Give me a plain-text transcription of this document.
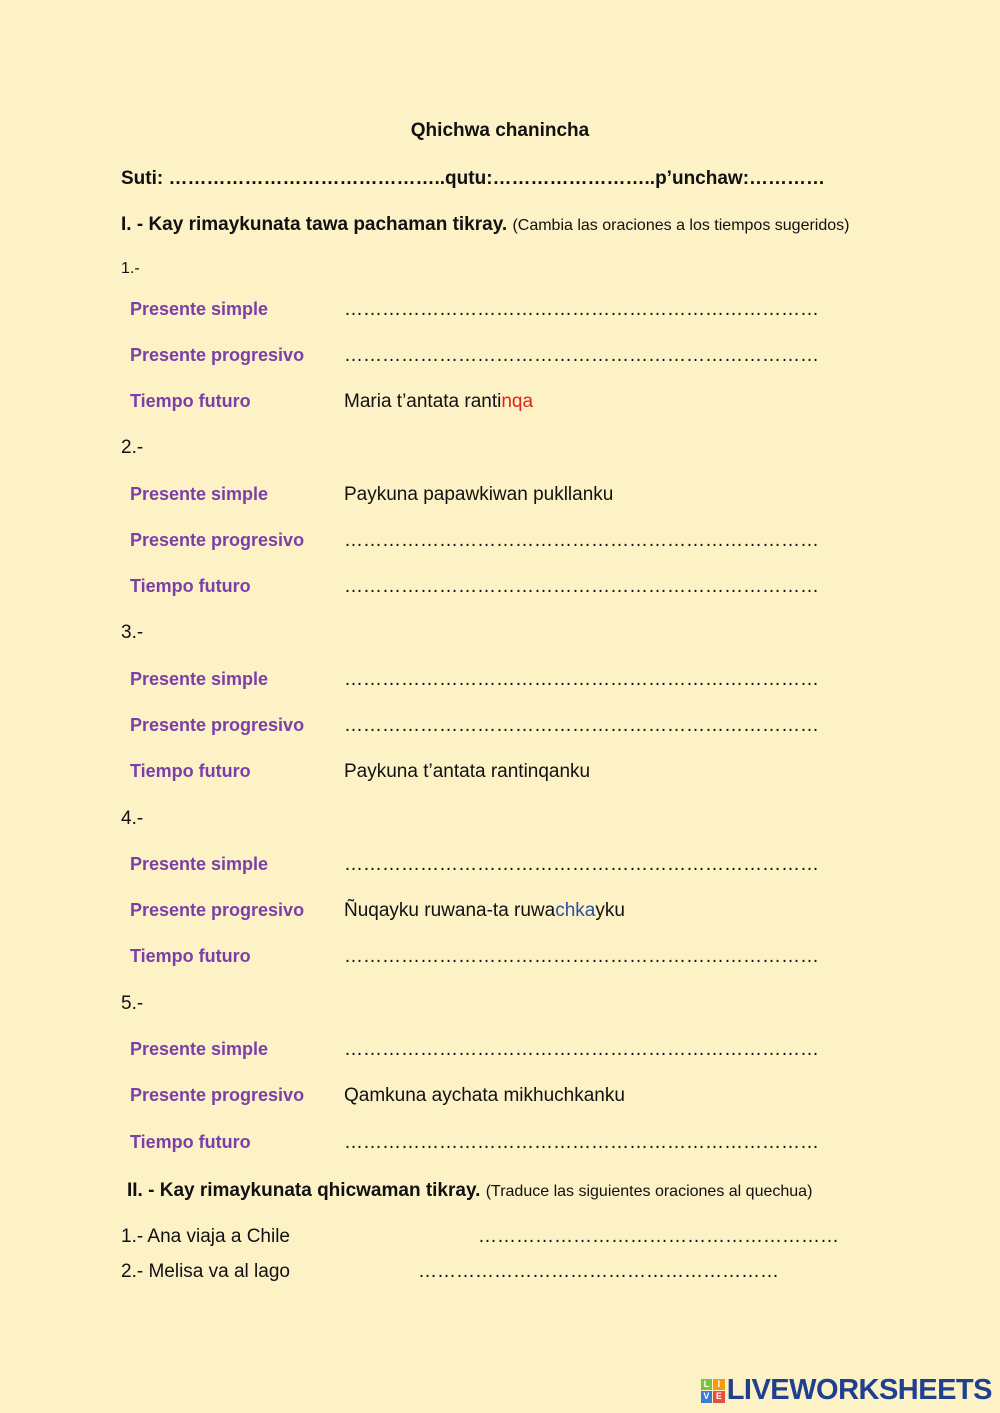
Qhichwa chanincha
Suti: ……………………………………..qutu:……………………..p’unchaw:…………
I. - Kay rimaykunata tawa pachaman tikray. (Cambia las oraciones a los tiempos sugeridos)
1.-
Presente simple	…………………………………………………………………
Presente progresivo …………………………………………………………………
Tiempo futuro	Maria t’antata rantinqa
2.-
Presente simple	Paykuna papawkiwan pukllanku
Presente progresivo …………………………………………………………………
Tiempo futuro	…………………………………………………………………
3.-
Presente simple	…………………………………………………………………
Presente progresivo …………………………………………………………………
Tiempo futuro	Paykuna t’antata rantinqanku
4.-
Presente simple	…………………………………………………………………
Presente progresivo Ñuqayku ruwana-ta ruwachkayku
Tiempo futuro	…………………………………………………………………
5.-
Presente simple	…………………………………………………………………
Presente progresivo Qamkuna aychata mikhuchkanku
Tiempo futuro	…………………………………………………………………
II. - Kay rimaykunata qhicwaman tikray. (Traduce las siguientes oraciones al quechua)
1.- Ana viaja a Chile	…………………………………………………
2.- Melisa va al lago	…………………………………………………
L I
V E LIVEWORKSHEETS
